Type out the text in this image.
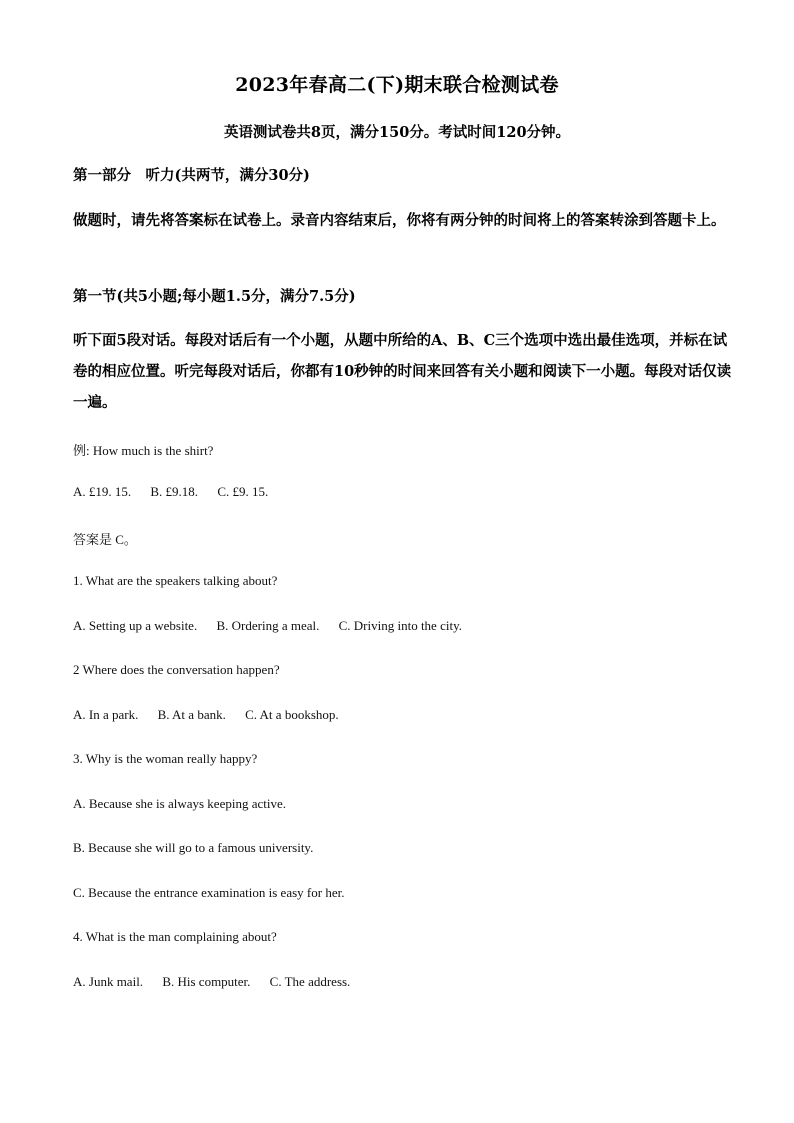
2023年春高二(下)期末联合检测试卷
英语测试卷共8页，满分150分。考试时间120分钟。
第一部分　听力(共两节，满分30分)
做题时，请先将答案标在试卷上。录音内容结束后，你将有两分钟的时间将上的答案转涂到答题卡上。
第一节(共5小题;每小题1.5分，满分7.5分)
听下面5段对话。每段对话后有一个小题，从题中所给的A、B、C三个选项中选出最佳选项，并标在试卷的相应位置。听完每段对话后，你都有10秒钟的时间来回答有关小题和阅读下一小题。每段对话仅读一遍。
例: How much is the shirt?
A. £19. 15. B. £9.18. C. £9. 15.
答案是 C。
1. What are the speakers talking about?
A. Setting up a website. B. Ordering a meal. C. Driving into the city.
2 Where does the conversation happen?
A. In a park. B. At a bank. C. At a bookshop.
3. Why is the woman really happy?
A. Because she is always keeping active.
B. Because she will go to a famous university.
C. Because the entrance examination is easy for her.
4. What is the man complaining about?
A. Junk mail. B. His computer. C. The address.
